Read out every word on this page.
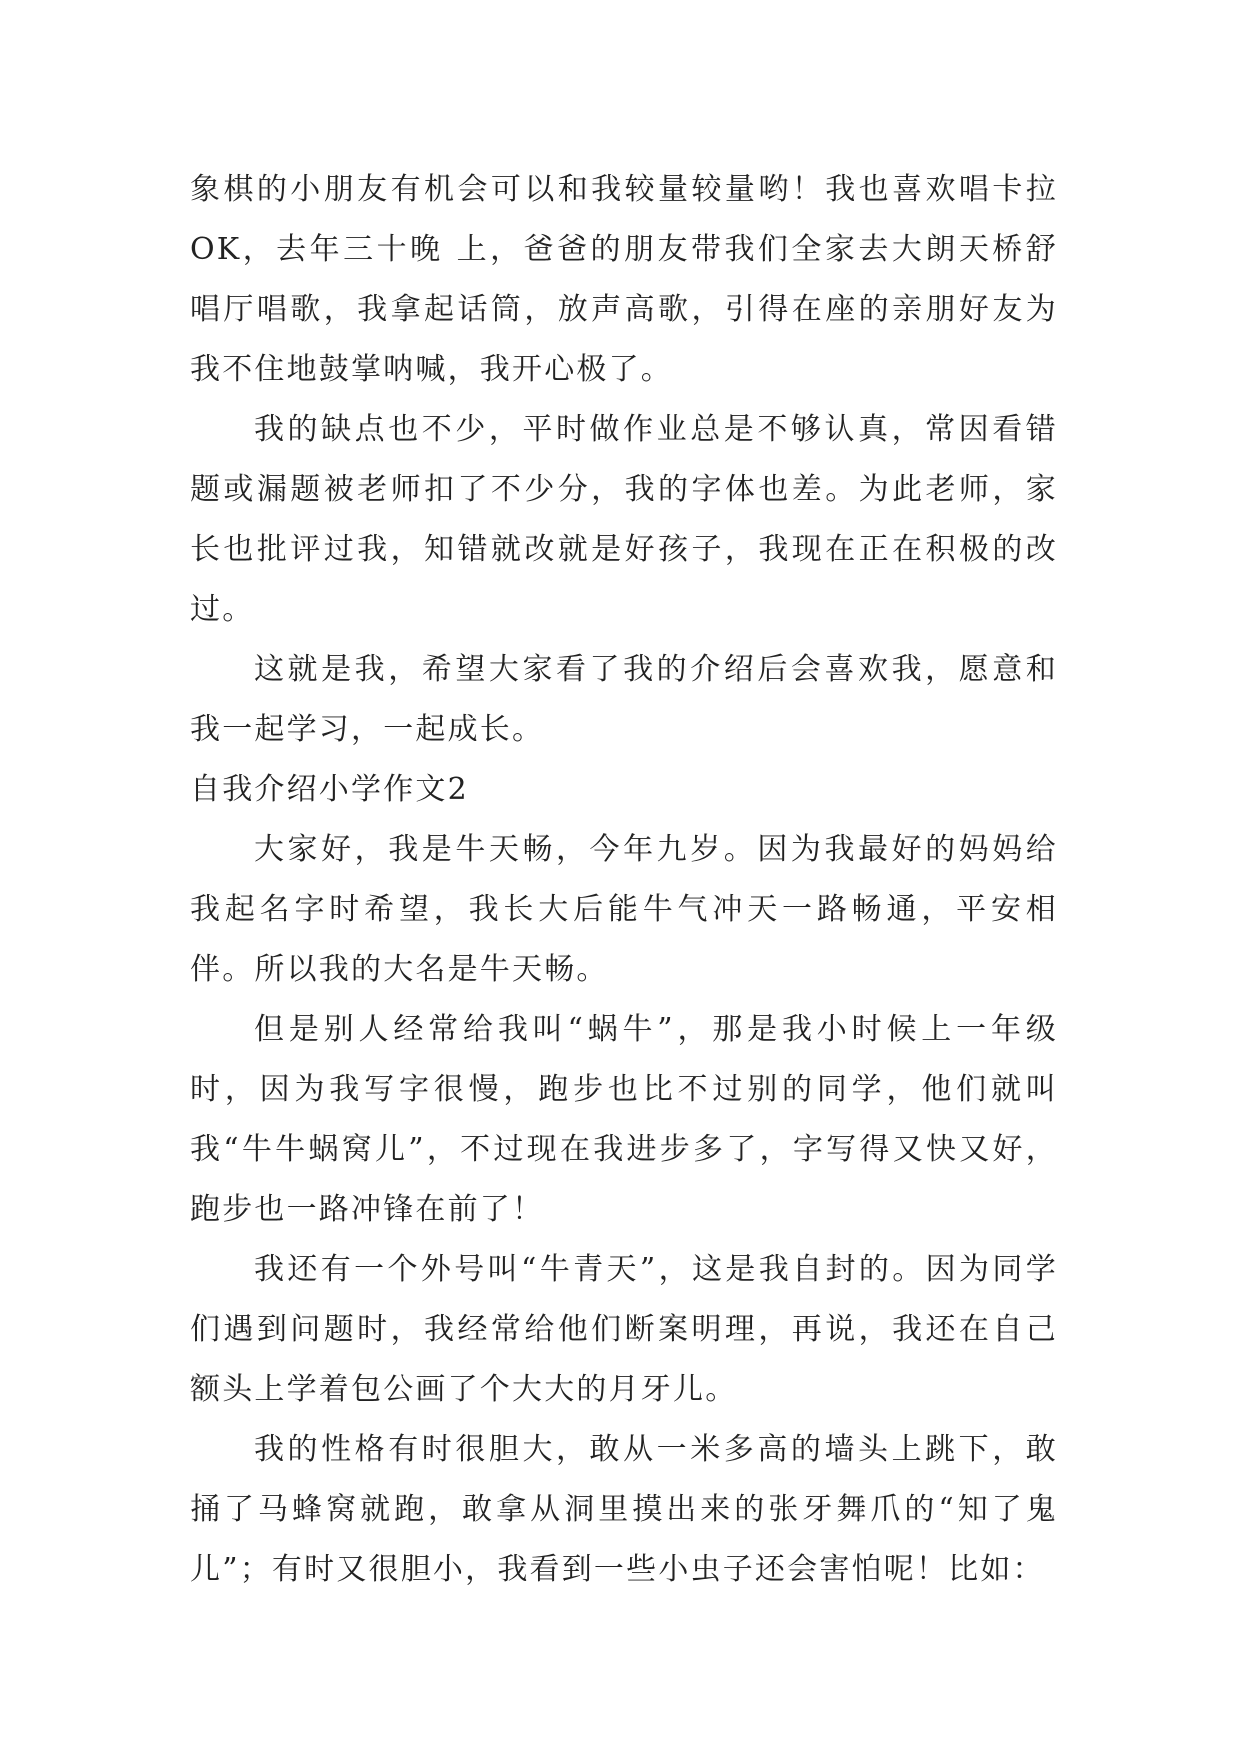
象棋的小朋友有机会可以和我较量较量哟！我也喜欢唱卡拉OK，去年三十晚 上，爸爸的朋友带我们全家去大朗天桥舒唱厅唱歌，我拿起话筒，放声高歌，引得在座的亲朋好友为我不住地鼓掌呐喊，我开心极了。

我的缺点也不少，平时做作业总是不够认真，常因看错题或漏题被老师扣了不少分，我的字体也差。为此老师，家长也批评过我，知错就改就是好孩子，我现在正在积极的改过。

这就是我，希望大家看了我的介绍后会喜欢我，愿意和我一起学习，一起成长。

自我介绍小学作文2

大家好，我是牛天畅，今年九岁。因为我最好的妈妈给我起名字时希望，我长大后能牛气冲天一路畅通，平安相伴。所以我的大名是牛天畅。

但是别人经常给我叫“蜗牛”，那是我小时候上一年级时，因为我写字很慢，跑步也比不过别的同学，他们就叫我“牛牛蜗窝儿”，不过现在我进步多了，字写得又快又好，跑步也一路冲锋在前了！

我还有一个外号叫“牛青天”，这是我自封的。因为同学们遇到问题时，我经常给他们断案明理，再说，我还在自己额头上学着包公画了个大大的月牙儿。

我的性格有时很胆大，敢从一米多高的墙头上跳下，敢捅了马蜂窝就跑，敢拿从洞里摸出来的张牙舞爪的“知了鬼儿”；有时又很胆小，我看到一些小虫子还会害怕呢！比如：
